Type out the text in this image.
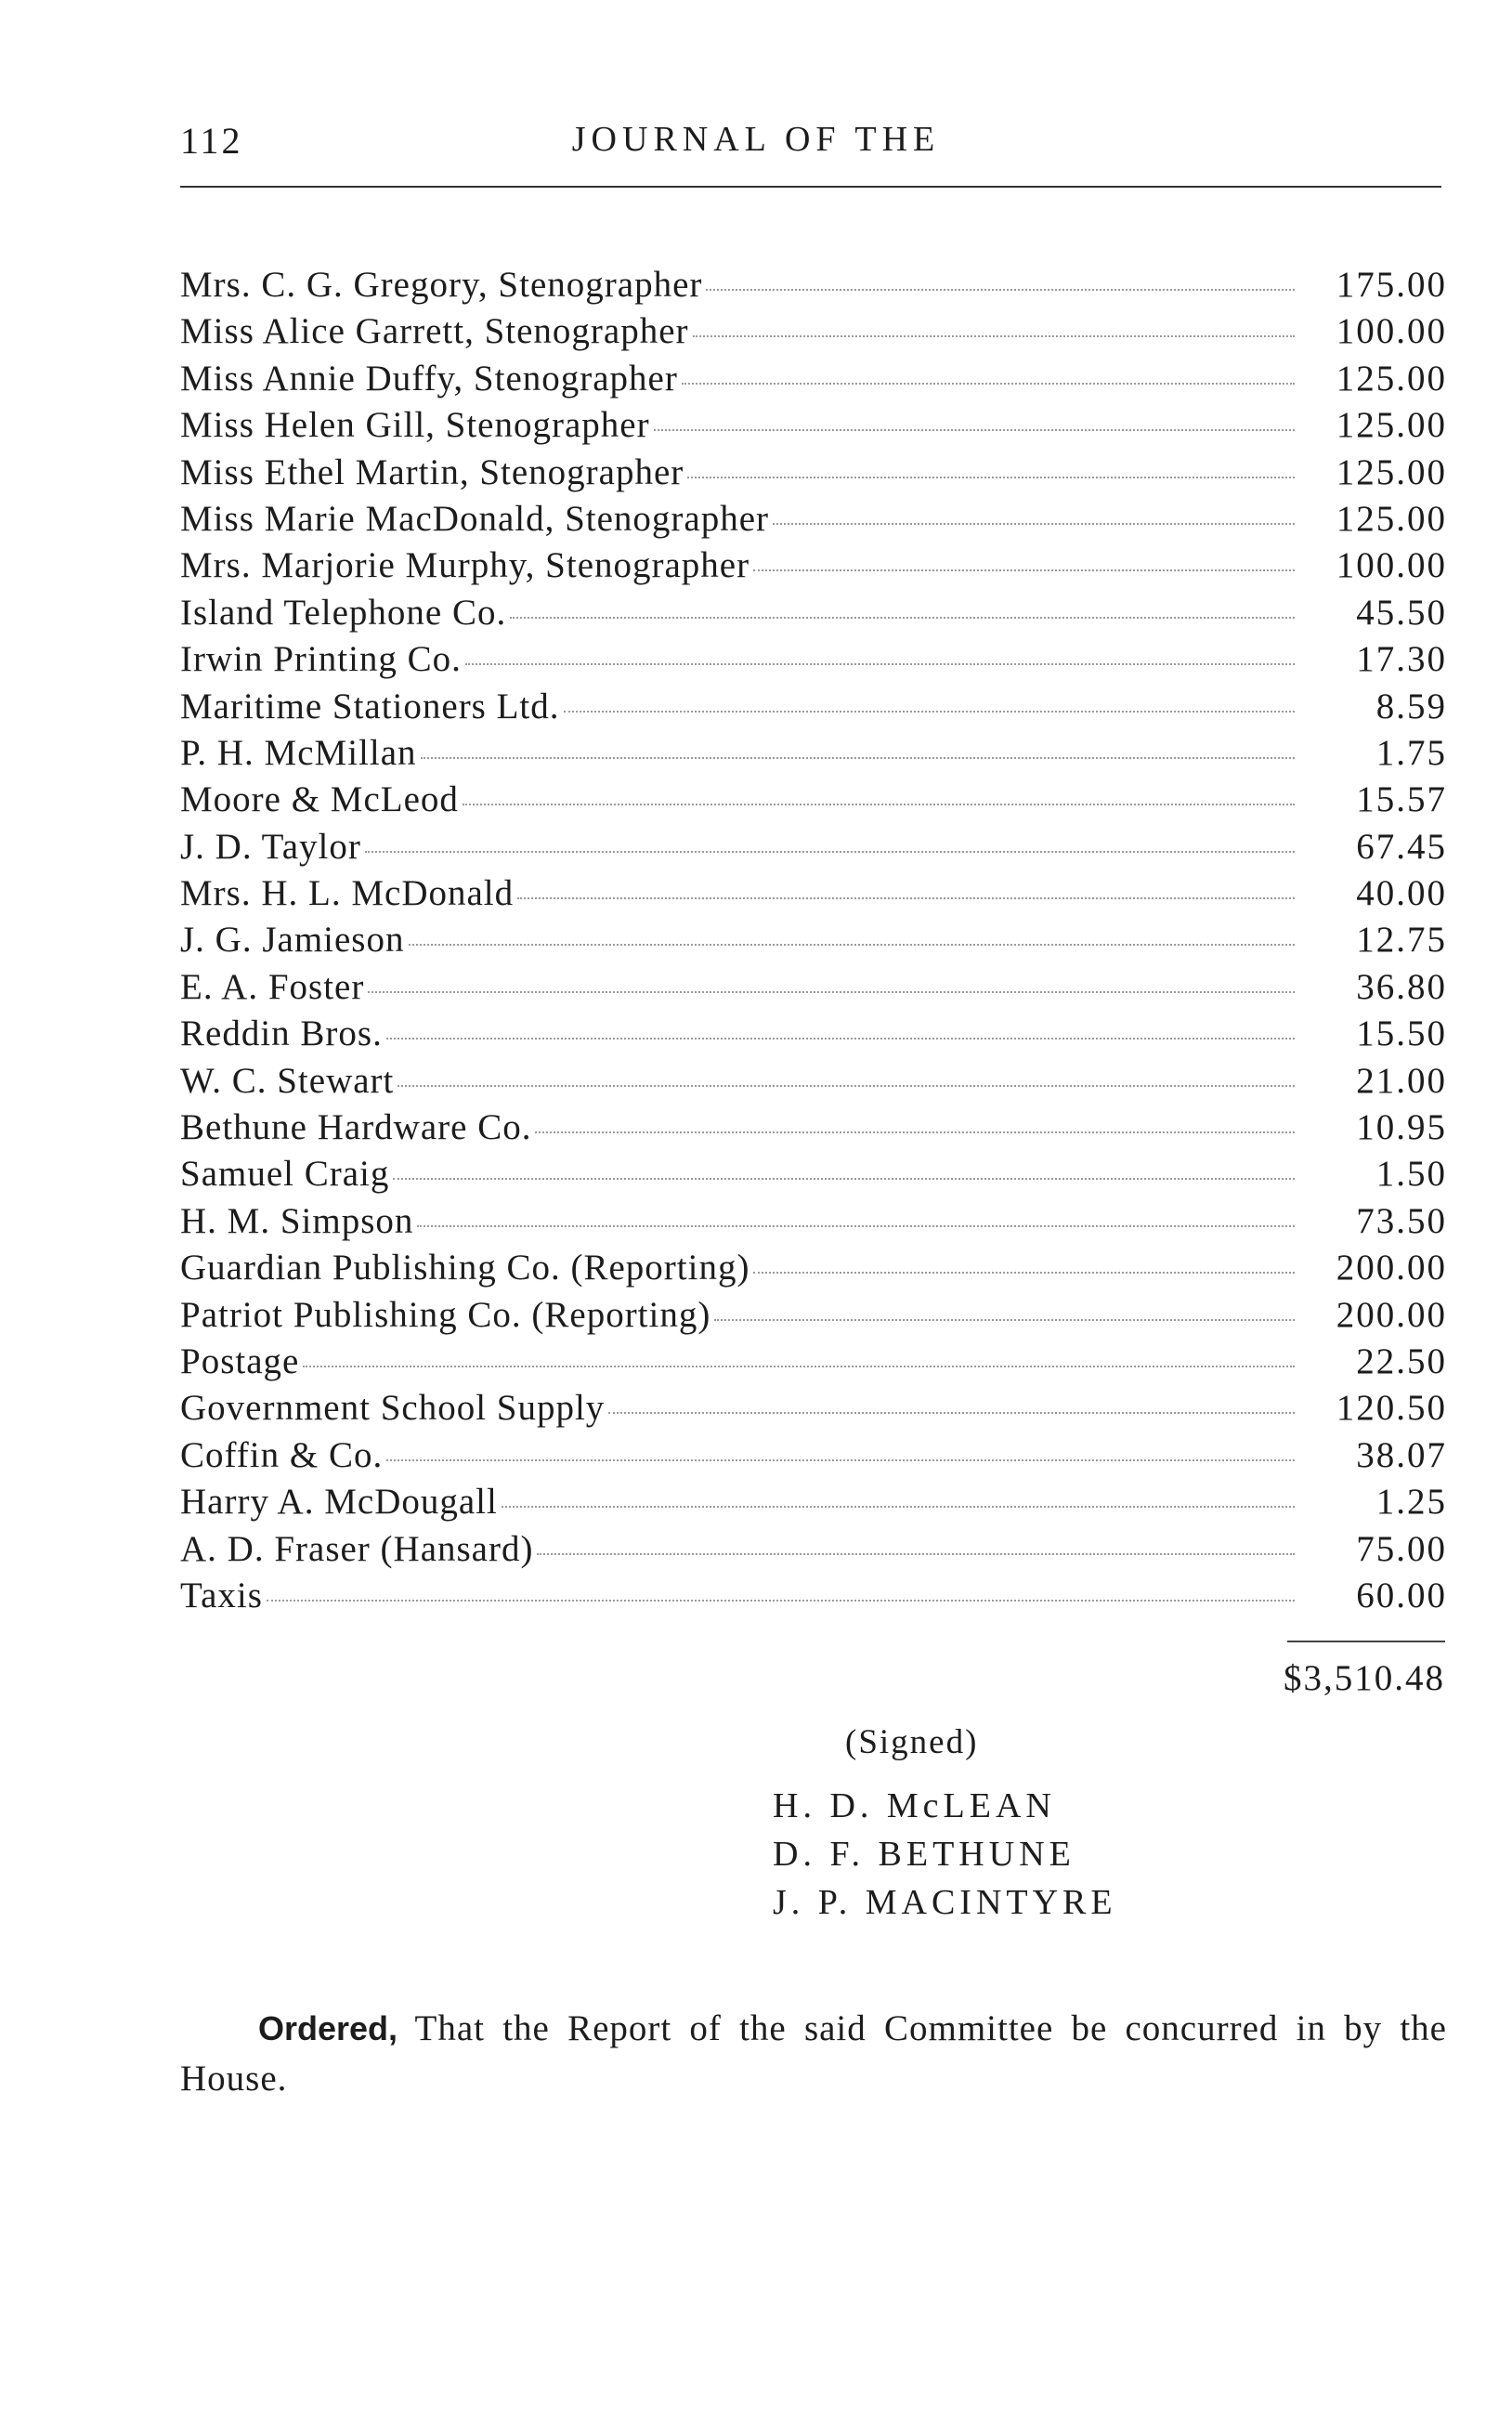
112	JOURNAL OF THE
Mrs. C. G. Gregory, Stenographer	175.00
Miss Alice Garrett, Stenographer	100.00
Miss Annie Duffy, Stenographer	125.00
Miss Helen Gill, Stenographer	125.00
Miss Ethel Martin, Stenographer	125.00
Miss Marie MacDonald, Stenographer	125.00
Mrs. Marjorie Murphy, Stenographer	100.00
Island Telephone Co.	45.50
Irwin Printing Co.	17.30
Maritime Stationers Ltd.	8.59
P. H. McMillan	1.75
Moore & McLeod	15.57
J. D. Taylor	67.45
Mrs. H. L. McDonald	40.00
J. G. Jamieson	12.75
E. A. Foster	36.80
Reddin Bros.	15.50
W. C. Stewart	21.00
Bethune Hardware Co.	10.95
Samuel Craig	1.50
H. M. Simpson	73.50
Guardian Publishing Co. (Reporting)	200.00
Patriot Publishing Co. (Reporting)	200.00
Postage	22.50
Government School Supply	120.50
Coffin & Co.	38.07
Harry A. McDougall	1.25
A. D. Fraser (Hansard)	75.00
Taxis	60.00
$3,510.48
(Signed)
H. D. McLEAN
D. F. BETHUNE
J. P. MACINTYRE

Ordered, That the Report of the said Committee be concurred in by the House.
